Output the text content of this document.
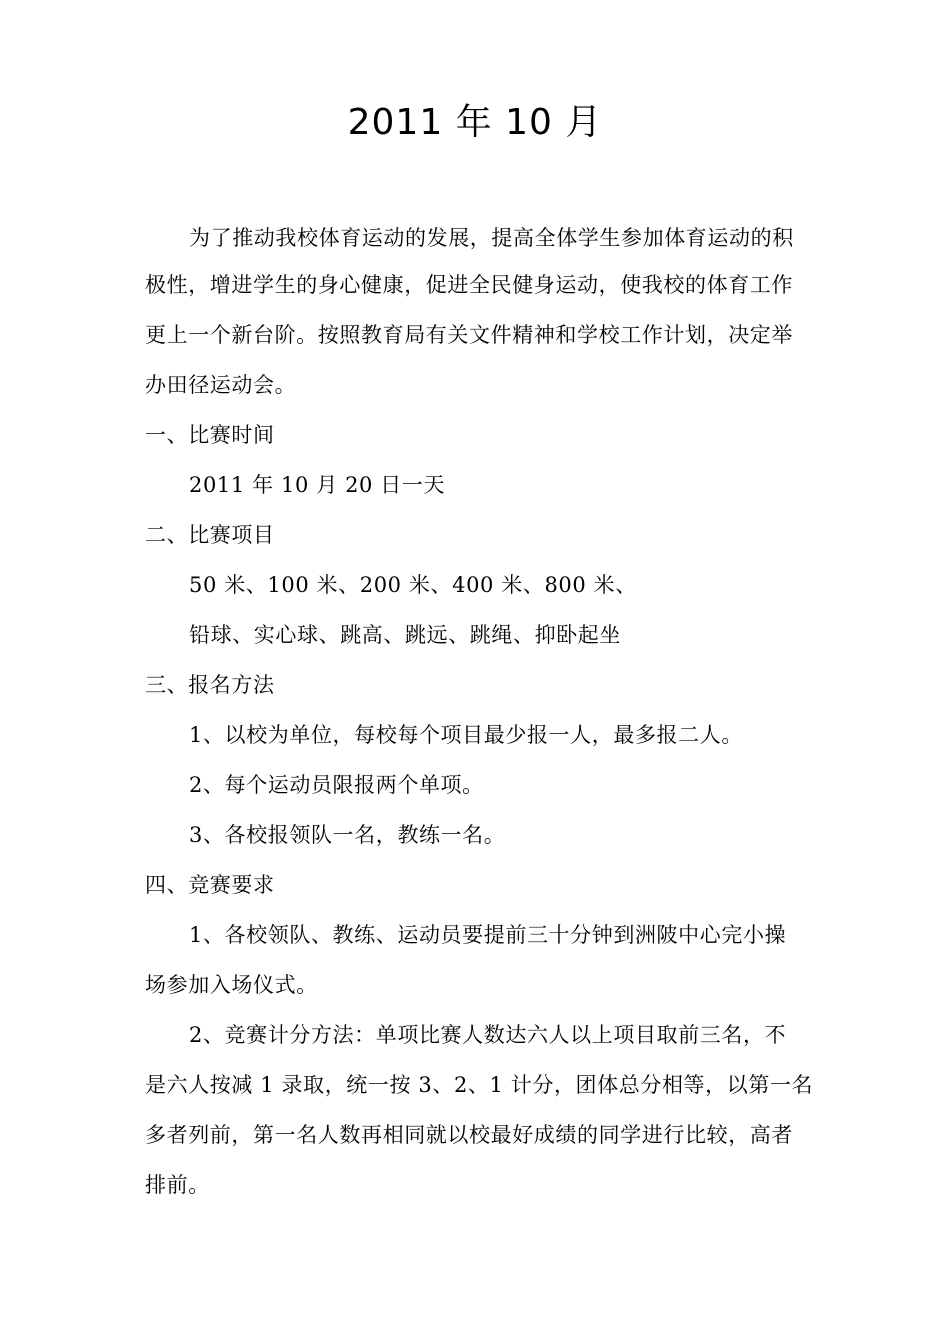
2011 年 10 月
为了推动我校体育运动的发展，提高全体学生参加体育运动的积
极性，增进学生的身心健康，促进全民健身运动，使我校的体育工作
更上一个新台阶。按照教育局有关文件精神和学校工作计划，决定举
办田径运动会。
一、比赛时间
2011 年 10 月 20 日一天
二、比赛项目
50 米、100 米、200 米、400 米、800 米、
铅球、实心球、跳高、跳远、跳绳、抑卧起坐
三、报名方法
1、以校为单位，每校每个项目最少报一人，最多报二人。
2、每个运动员限报两个单项。
3、各校报领队一名，教练一名。
四、竞赛要求
1、各校领队、教练、运动员要提前三十分钟到洲陂中心完小操
场参加入场仪式。
2、竞赛计分方法：单项比赛人数达六人以上项目取前三名，不
是六人按减 1 录取，统一按 3、2、1 计分，团体总分相等，以第一名
多者列前，第一名人数再相同就以校最好成绩的同学进行比较，高者
排前。
